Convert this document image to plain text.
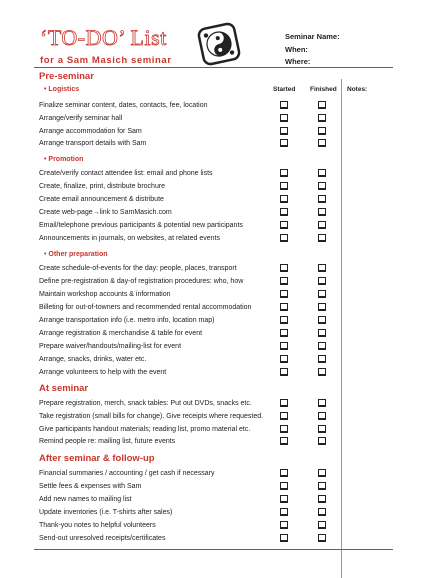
‘TO-DO’ List
for a Sam Masich seminar
Seminar Name:
When:
Where:
Pre-seminar
• Logistics	Started Finished Notes:
Finalize seminar content, dates, contacts, fee, location
Arrange/verify seminar hall
Arrange accommodation for Sam
Arrange transport details with Sam
• Promotion
Create/verify contact attendee list: email and phone lists
Create, finalize, print, distribute brochure
Create email announcement & distribute
Create web-page→link to SamMasich.com
Email/telephone previous participants & potential new participants
Announcements in journals, on websites, at related events
• Other preparation
Create schedule-of-events for the day: people, places, transport
Define pre-registration & day-of registration procedures: who, how
Maintain workshop accounts & information
Billeting for out-of-towners and recommended rental accommodation
Arrange transportation info (i.e. metro info, location map)
Arrange registration & merchandise & table for event
Prepare waiver/handouts/mailing-list for event
Arrange, snacks, drinks, water etc.
Arrange volunteers to help with the event
At seminar
Prepare registration, merch, snack tables: Put out DVDs, snacks etc.
Take registration (small bills for change). Give receipts where requested.
Give participants handout materials; reading list, promo material etc.
Remind people re: mailing list, future events
After seminar & follow-up
Financial summaries / accounting / get cash if necessary
Settle fees & expenses with Sam
Add new names to mailing list
Update inventories (i.e. T-shirts after sales)
Thank-you notes to helpful volunteers
Send-out unresolved receipts/certificates
